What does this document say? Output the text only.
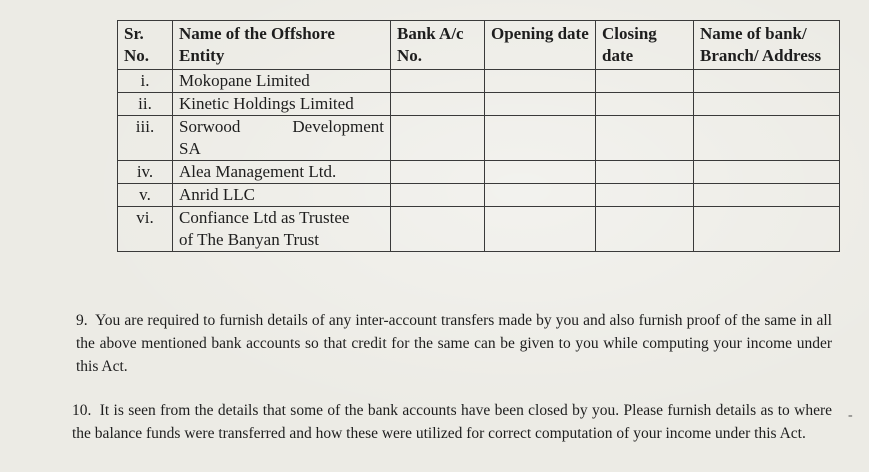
Sr. No.	Name of the Offshore Entity	Bank A/c No.	Opening date	Closing date	Name of bank/ Branch/ Address
i.	Mokopane Limited				
ii.	Kinetic Holdings Limited				
iii.	Sorwood Development
SA				

iv.	Alea Management Ltd.				
v.	Anrid LLC				
vi.	Confiance Ltd as Trustee
of The Banyan Trust				

9. You are required to furnish details of any inter-account transfers made by you and also furnish proof of the same in all the above mentioned bank accounts so that credit for the same can be given to you while computing your income under this Act.

10. It is seen from the details that some of the bank accounts have been closed by you. Please furnish details as to where the balance funds were transferred and how these were utilized for correct computation of your income under this Act.

-
